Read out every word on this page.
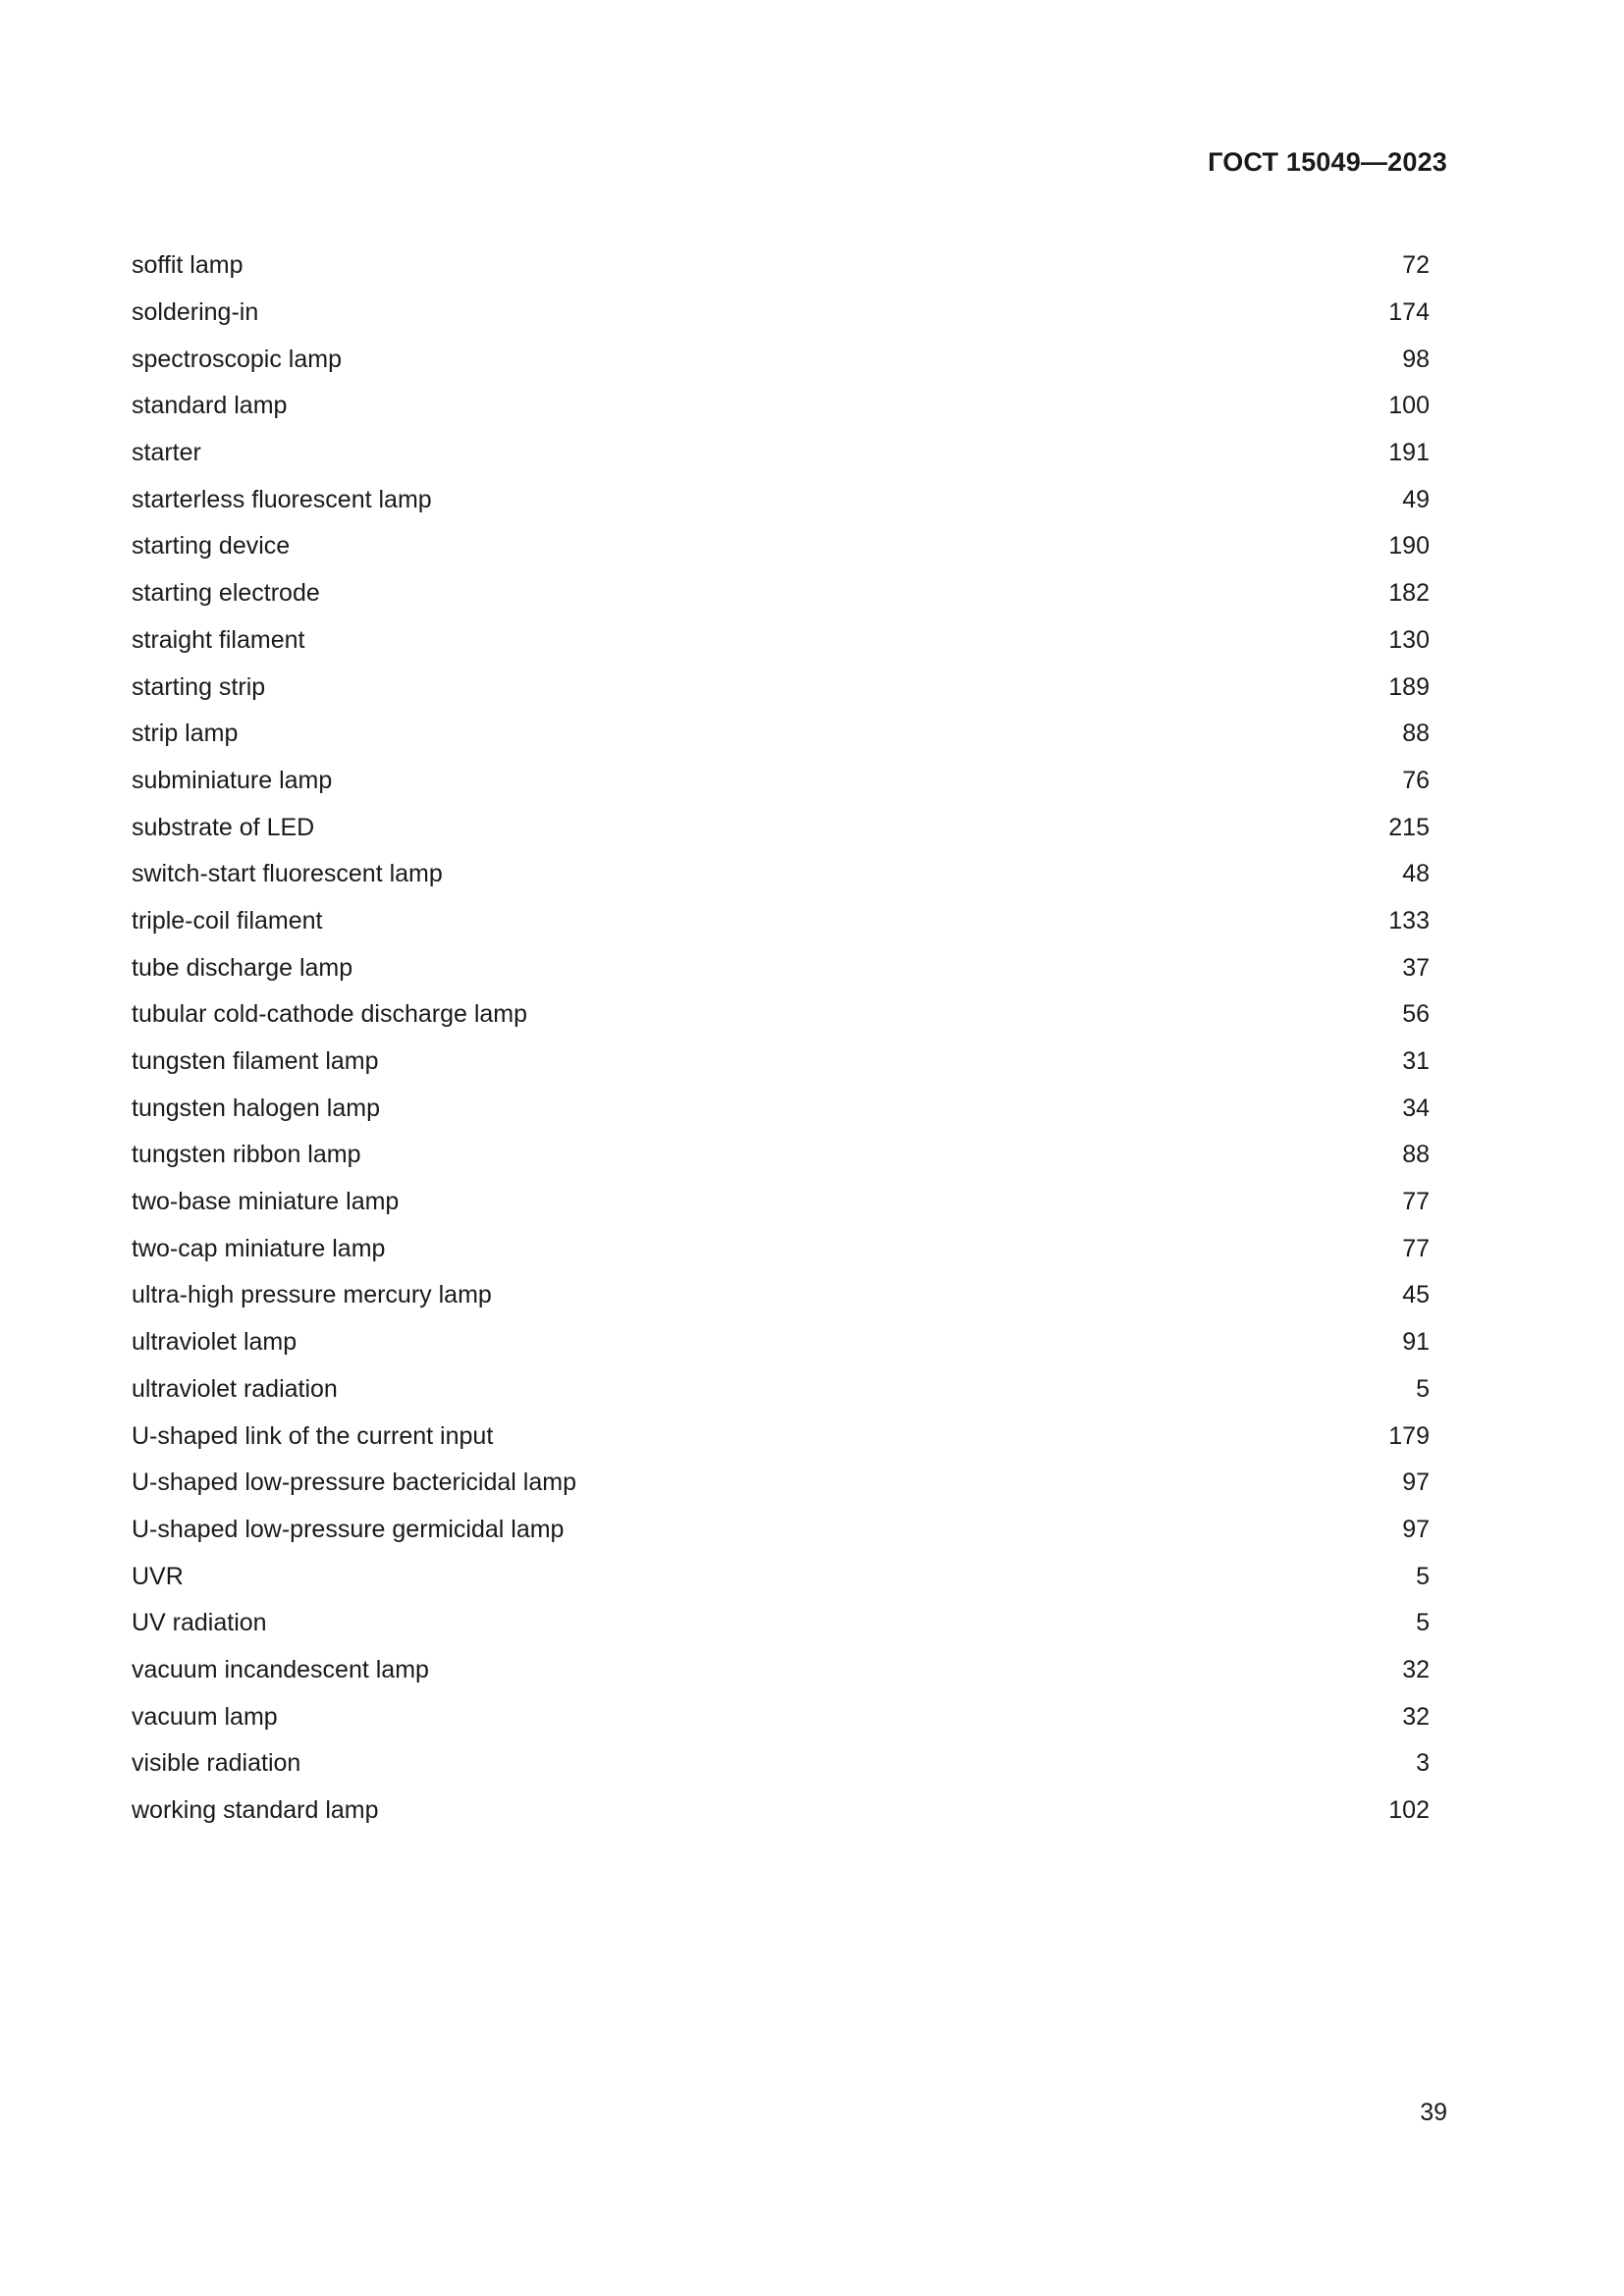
ГОСТ 15049—2023
soffit lamp	72
soldering-in	174
spectroscopic lamp	98
standard lamp	100
starter	191
starterless fluorescent lamp	49
starting device	190
starting electrode	182
straight filament	130
starting strip	189
strip lamp	88
subminiature lamp	76
substrate of LED	215
switch-start fluorescent lamp	48
triple-coil filament	133
tube discharge lamp	37
tubular cold-cathode discharge lamp	56
tungsten filament lamp	31
tungsten halogen lamp	34
tungsten ribbon lamp	88
two-base miniature lamp	77
two-cap miniature lamp	77
ultra-high pressure mercury lamp	45
ultraviolet lamp	91
ultraviolet radiation	5
U-shaped link of the current input	179
U-shaped low-pressure bactericidal lamp	97
U-shaped low-pressure germicidal lamp	97
UVR	5
UV radiation	5
vacuum incandescent lamp	32
vacuum lamp	32
visible radiation	3
working standard lamp	102
39
